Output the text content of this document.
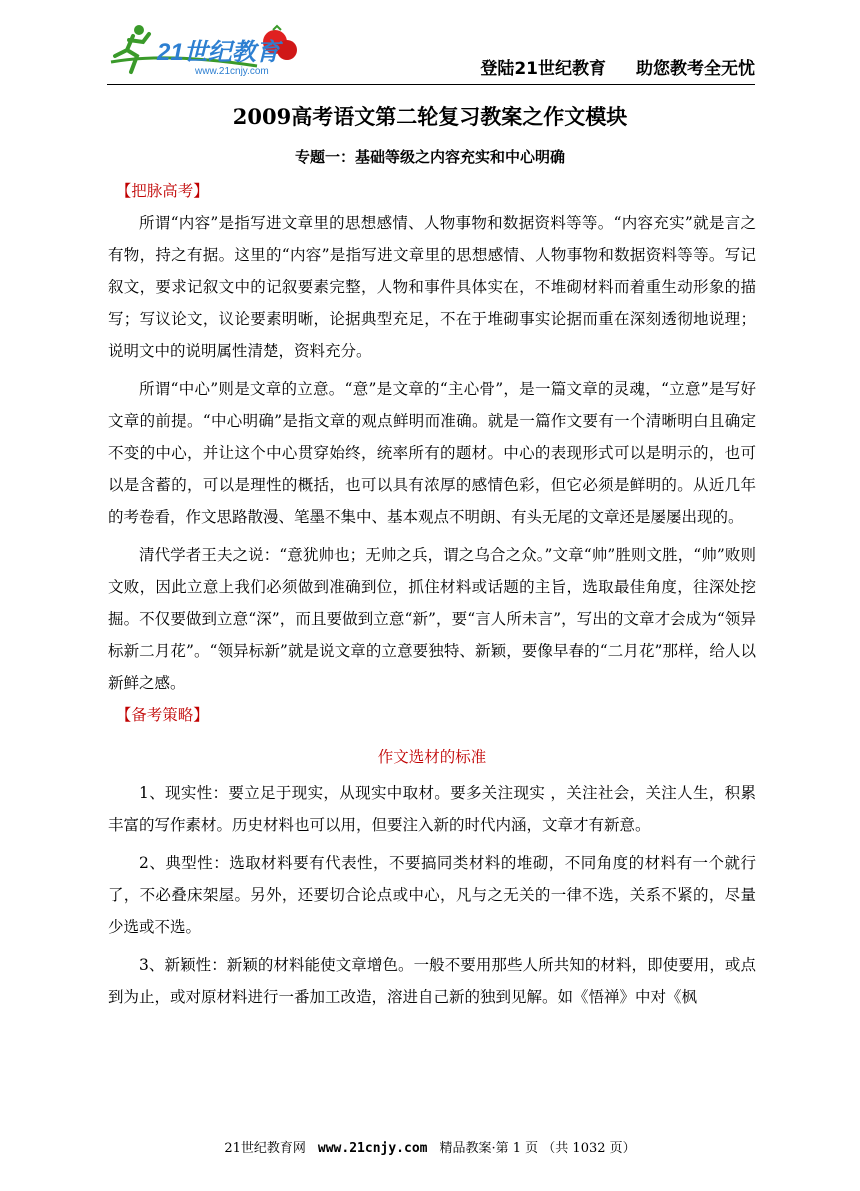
21世纪教育
www.21cnjy.com	登陆21世纪教育 助您教考全无忧
2009高考语文第二轮复习教案之作文模块
专题一：基础等级之内容充实和中心明确

【把脉高考】

所谓“内容”是指写进文章里的思想感情、人物事物和数据资料等等。“内容充实”就是言之有物，持之有据。这里的“内容”是指写进文章里的思想感情、人物事物和数据资料等等。写记叙文，要求记叙文中的记叙要素完整，人物和事件具体实在，不堆砌材料而着重生动形象的描写；写议论文，议论要素明晰，论据典型充足，不在于堆砌事实论据而重在深刻透彻地说理；说明文中的说明属性清楚，资料充分。

所谓“中心”则是文章的立意。“意”是文章的“主心骨”，是一篇文章的灵魂，“立意”是写好文章的前提。“中心明确”是指文章的观点鲜明而准确。就是一篇作文要有一个清晰明白且确定不变的中心，并让这个中心贯穿始终，统率所有的题材。中心的表现形式可以是明示的，也可以是含蓄的，可以是理性的概括，也可以具有浓厚的感情色彩，但它必须是鲜明的。从近几年的考卷看，作文思路散漫、笔墨不集中、基本观点不明朗、有头无尾的文章还是屡屡出现的。

清代学者王夫之说：“意犹帅也；无帅之兵，谓之乌合之众。”文章“帅”胜则文胜，“帅”败则文败，因此立意上我们必须做到准确到位，抓住材料或话题的主旨，选取最佳角度，往深处挖掘。不仅要做到立意“深”，而且要做到立意“新”，要“言人所未言”，写出的文章才会成为“领异标新二月花”。“领异标新”就是说文章的立意要独特、新颖，要像早春的“二月花”那样，给人以新鲜之感。

【备考策略】

作文选材的标准

1、现实性：要立足于现实，从现实中取材。要多关注现实 ，关注社会，关注人生，积累丰富的写作素材。历史材料也可以用，但要注入新的时代内涵，文章才有新意。

2、典型性：选取材料要有代表性，不要搞同类材料的堆砌，不同角度的材料有一个就行了，不必叠床架屋。另外，还要切合论点或中心，凡与之无关的一律不选，关系不紧的，尽量少选或不选。

3、新颖性：新颖的材料能使文章增色。一般不要用那些人所共知的材料，即使要用，或点到为止，或对原材料进行一番加工改造，溶进自己新的独到见解。如《悟禅》中对《枫

21世纪教育网 www.21cnjy.com 精品教案·第 1 页 （共 1032 页）
